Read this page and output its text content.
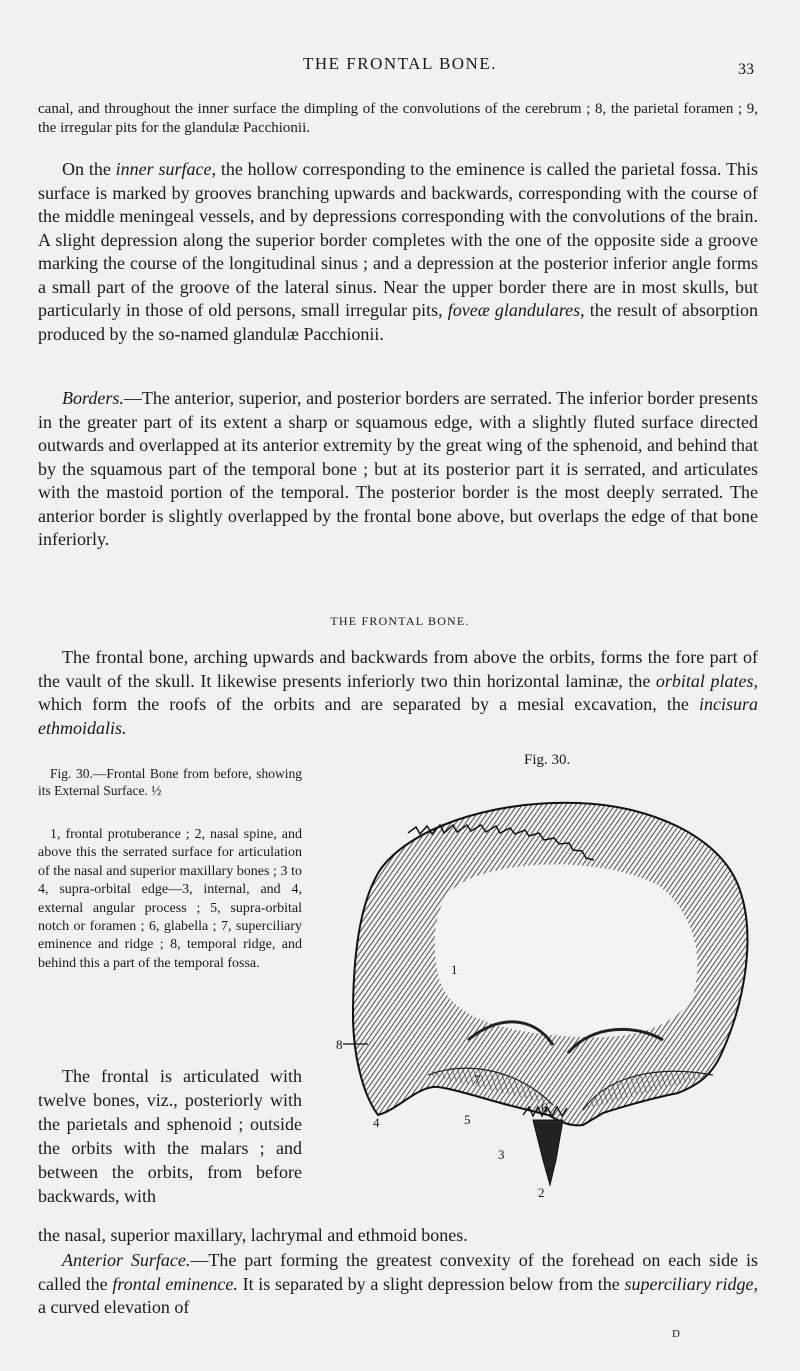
THE FRONTAL BONE.	33
canal, and throughout the inner surface the dimpling of the convolutions of the cerebrum ; 8, the parietal foramen ; 9, the irregular pits for the glandulæ Pacchionii.
On the inner surface, the hollow corresponding to the eminence is called the parietal fossa. This surface is marked by grooves branching upwards and backwards, corresponding with the course of the middle meningeal vessels, and by depressions corresponding with the convolutions of the brain. A slight depression along the superior border completes with the one of the opposite side a groove marking the course of the longitudinal sinus ; and a depression at the posterior inferior angle forms a small part of the groove of the lateral sinus. Near the upper border there are in most skulls, but particularly in those of old persons, small irregular pits, foveæ glandulares, the result of absorption produced by the so-named glandulæ Pacchionii.
Borders.—The anterior, superior, and posterior borders are serrated. The inferior border presents in the greater part of its extent a sharp or squamous edge, with a slightly fluted surface directed outwards and overlapped at its anterior extremity by the great wing of the sphenoid, and behind that by the squamous part of the temporal bone ; but at its posterior part it is serrated, and articulates with the mastoid portion of the temporal. The posterior border is the most deeply serrated. The anterior border is slightly overlapped by the frontal bone above, but overlaps the edge of that bone inferiorly.
THE FRONTAL BONE.
The frontal bone, arching upwards and backwards from above the orbits, forms the fore part of the vault of the skull. It likewise presents inferiorly two thin horizontal laminæ, the orbital plates, which form the roofs of the orbits and are separated by a mesial excavation, the incisura ethmoidalis.
Fig. 30.
Fig. 30.—Frontal Bone from before, showing its External Surface. ½
1, frontal protuberance ; 2, nasal spine, and above this the serrated surface for articulation of the nasal and superior maxillary bones ; 3 to 4, supra-orbital edge—3, internal, and 4, external angular process ; 5, supra-orbital notch or foramen ; 6, glabella ; 7, superciliary eminence and ridge ; 8, temporal ridge, and behind this a part of the temporal fossa.
The frontal is articulated with twelve bones, viz., posteriorly with the parietals and sphenoid ; outside the orbits with the malars ; and between the orbits, from before backwards, with
the nasal, superior maxillary, lachrymal and ethmoid bones.
Anterior Surface.—The part forming the greatest convexity of the forehead on each side is called the frontal eminence. It is separated by a slight depression below from the superciliary ridge, a curved elevation of
1
2
3
4	5
6
7
8
D
